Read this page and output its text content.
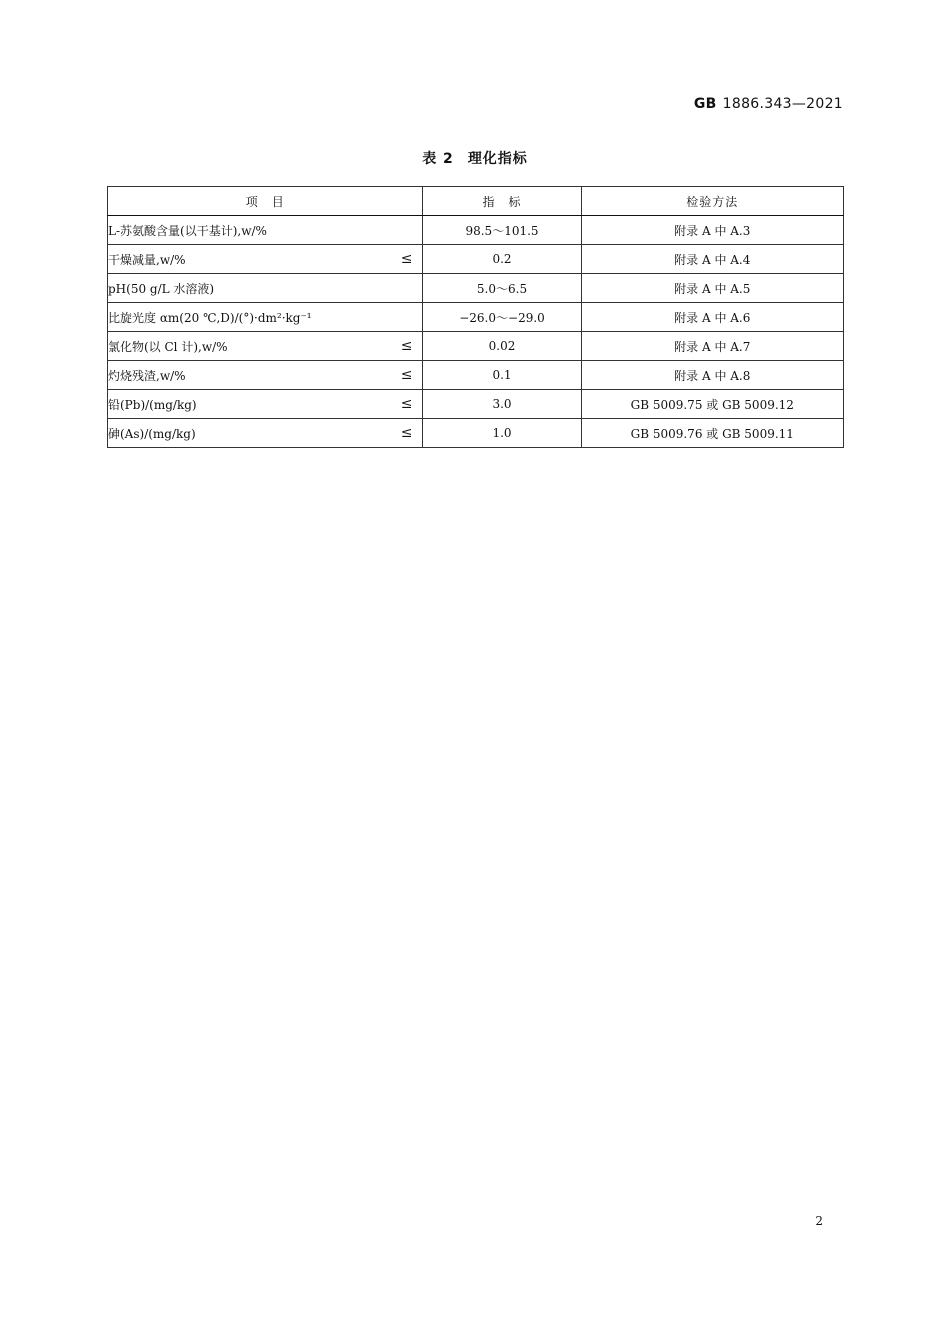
GB 1886.343—2021
表 2 理化指标
项　目	指　标	检验方法
L-苏氨酸含量(以干基计),w/%	98.5～101.5	附录 A 中 A.3
干燥减量,w/% ≤	0.2	附录 A 中 A.4
pH(50 g/L 水溶液)	5.0～6.5	附录 A 中 A.5
比旋光度 αm(20 ℃,D)/(°)·dm²·kg⁻¹	−26.0～−29.0	附录 A 中 A.6
氯化物(以 Cl 计),w/% ≤	0.02	附录 A 中 A.7
灼烧残渣,w/% ≤	0.1	附录 A 中 A.8
铅(Pb)/(mg/kg) ≤	3.0	GB 5009.75 或 GB 5009.12
砷(As)/(mg/kg) ≤	1.0	GB 5009.76 或 GB 5009.11
2
